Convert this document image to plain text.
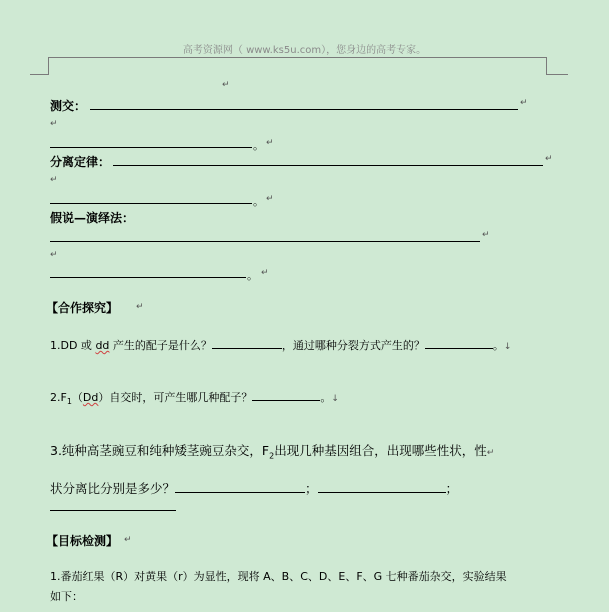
高考资源网（ www.ks5u.com），您身边的高考专家。
↵
测交：	↵
↵
。 ↵
分离定律：	↵
↵
。 ↵
假说—演绎法：
↵
↵
。 ↵
【合作探究】 ↵
1.DD 或 dd 产生的配子是什么？	，通过哪种分裂方式产生的？	。↓
$2.F_1(Dd)$自交时，可产生哪几种配子？	。↓
3.纯种高茎豌豆和纯种矮茎豌豆杂交，$F_2$出现几种基因组合，出现哪些性状，性↵
状分离比分别是多少？	；	；
【目标检测】 ↵
1.番茄红果（R）对黄果（r）为显性，现将 A、B、C、D、E、F、G 七种番茄杂交，实验结果
如下：
